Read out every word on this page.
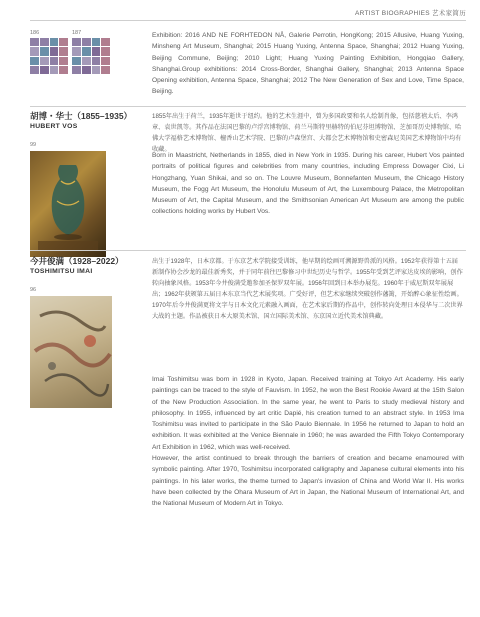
ARTIST BIOGRAPHIES 艺术家简历
186	187	Exhibition: 2016 AND NE FORHTEDON NÅ, Galerie Perrotin, HongKong; 2015 Allusive, Huang Yuxing, Minsheng Art Museum, Shanghai; 2015 Huang Yuxing, Antenna Space, Shanghai; 2012 Huang Yuxing, Beijing Commune, Beijing; 2010 Light; Huang Yuxing Painting Exhibition, Hongqiao Gallery, Shanghai.Group exhibitions: 2014 Cross-Border, Shanghai Gallery, Shanghai; 2013 Antenna Space Opening exhibition, Antenna Space, Shanghai; 2012 The New Generation of Sex and Love, Time Space, Beijing.
胡博・华士（1855–1935）
HUBERT VOS
99
1855年出生于荷兰，1935年逝世于纽约。他的艺术生涯中，曾为多国政要和名人绘制肖像，包括慈禧太后、李鸿章、袁世凯等。其作品在法国巴黎的卢浮宫博物馆、荷兰马斯特里赫特的伯尼芬坦博物馆、芝加哥历史博物馆、哈佛大学福格艺术博物馆、檀香山艺术学院、巴黎的卢森堡宫、大都会艺术博物馆和史密森尼美国艺术博物馆中均有收藏。
Born in Maastricht, Netherlands in 1855, died in New York in 1935. During his career, Hubert Vos painted portraits of political figures and celebrities from many countries, including Empress Dowager Cixi, Li Hongzhang, Yuan Shikai, and so on. The Louvre Museum, Bonnefanten Museum, the Chicago History Museum, the Fogg Art Museum, the Honolulu Museum of Art, the Luxembourg Palace, the Metropolitan Museum of Art, the Capital Museum, and the Smithsonian American Art Museum are among the public collections holding works by Hubert Vos.
今井俊满（1928–2022）
TOSHIMITSU IMAI
96
出生于1928年，日本京都。于东京艺术学院接受训练，他早期的绘画可溯源野兽派的风格。1952年获得第十五届新制作协会沙龙的最佳新秀奖，并于同年前往巴黎修习中世纪历史与哲学。1955年受到艺评家达皮埃的影响，创作转向抽象风格。1953年今井俊满受邀参加圣保罗双年展。1956年回到日本举办展览。1960年于威尼斯双年展展出；1962年获颁第五届日本东京当代艺术展奖项。广受好评，但艺术家继续突破创作藩篱，开始醉心象征性绘画。1970年后今井俊满更将文字与日本文化元素融入画面，在艺术家后期的作品中，创作转向处理日本侵华与二次世界大战的主题。作品被获日本大原美术馆、国立国际美术馆、东京国立近代美术馆典藏。
Imai Toshimitsu was born in 1928 in Kyoto, Japan. Received training at Tokyo Art Academy. His early paintings can be traced to the style of Fauvism. In 1952, he won the Best Rookie Award at the 15th Salon of the New Production Association. In the same year, he went to Paris to study medieval history and philosophy. In 1955, influenced by art critic Dapié, his creation turned to an abstract style. In 1953 Ima Toshimitsu was invited to participate in the São Paulo Biennale. In 1956 he returned to Japan to hold an exhibition. It was exhibited at the Venice Biennale in 1960; he was awarded the Fifth Tokyo Contemporary Art Exhibition in 1962, which was well-received.
However, the artist continued to break through the barriers of creation and became enamoured with symbolic painting. After 1970, Toshimitsu incorporated calligraphy and Japanese cultural elements into his paintings. In his later works, the theme turned to Japan's invasion of China and World War II. His works have been collected by the Ohara Museum of Art in Japan, the National Museum of International Art, and the National Museum of Modern Art in Tokyo.
